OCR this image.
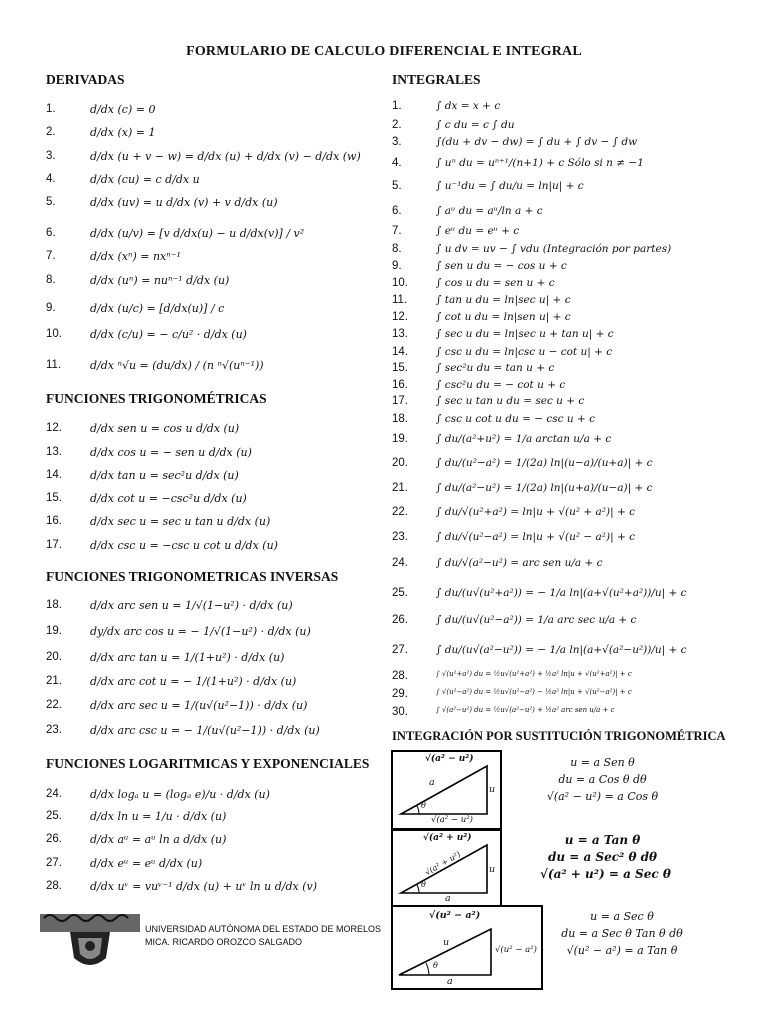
FORMULARIO DE CALCULO DIFERENCIAL E INTEGRAL
DERIVADAS
1.	d/dx (c) = 0
2.	d/dx (x) = 1
3.	d/dx (u + v − w) = d/dx (u) + d/dx (v) − d/dx (w)
4.	d/dx (cu) = c d/dx u
5.	d/dx (uv) = u d/dx (v) + v d/dx (u)
6.	d/dx (u/v) = [v d/dx(u) − u d/dx(v)] / v²
7.	d/dx (xⁿ) = nxⁿ⁻¹
8.	d/dx (uⁿ) = nuⁿ⁻¹ d/dx (u)
9.	d/dx (u/c) = [d/dx(u)] / c
10.	d/dx (c/u) = − c/u² · d/dx (u)
11.	d/dx ⁿ√u = (du/dx) / (n ⁿ√(uⁿ⁻¹))
FUNCIONES TRIGONOMÉTRICAS
12.	d/dx sen u = cos u d/dx (u)
13.	d/dx cos u = − sen u d/dx (u)
14.	d/dx tan u = sec²u d/dx (u)
15.	d/dx cot u = −csc²u d/dx (u)
16.	d/dx sec u = sec u tan u d/dx (u)
17.	d/dx csc u = −csc u cot u d/dx (u)
FUNCIONES TRIGONOMETRICAS INVERSAS
18.	d/dx arc sen u = 1/√(1−u²) · d/dx (u)
19.	dy/dx arc cos u = − 1/√(1−u²) · d/dx (u)
20.	d/dx arc tan u = 1/(1+u²) · d/dx (u)
21.	d/dx arc cot u = − 1/(1+u²) · d/dx (u)
22.	d/dx arc sec u = 1/(u√(u²−1)) · d/dx (u)
23.	d/dx arc csc u = − 1/(u√(u²−1)) · d/dx (u)
FUNCIONES LOGARITMICAS Y EXPONENCIALES
24.	d/dx logₐ u = (logₐ e)/u · d/dx (u)
25.	d/dx ln u = 1/u · d/dx (u)
26.	d/dx aᵘ = aᵘ ln a d/dx (u)
27.	d/dx eᵘ = eᵘ d/dx (u)
28.	d/dx uᵛ = vuᵛ⁻¹ d/dx (u) + uᵛ ln u d/dx (v)
INTEGRALES
1.	∫ dx = x + c
2.	∫ c du = c ∫ du
3.	∫(du + dv − dw) = ∫ du + ∫ dv − ∫ dw
4.	∫ uⁿ du = uⁿ⁺¹/(n+1) + c Sólo si n ≠ −1
5.	∫ u⁻¹du = ∫ du/u = ln|u| + c
6.	∫ aᵘ du = aᵘ/ln a + c
7.	∫ eᵘ du = eᵘ + c
8.	∫ u dv = uv − ∫ vdu (Integración por partes)
9.	∫ sen u du = − cos u + c
10.	∫ cos u du = sen u + c
11.	∫ tan u du = ln|sec u| + c
12.	∫ cot u du = ln|sen u| + c
13.	∫ sec u du = ln|sec u + tan u| + c
14.	∫ csc u du = ln|csc u − cot u| + c
15.	∫ sec²u du = tan u + c
16.	∫ csc²u du = − cot u + c
17.	∫ sec u tan u du = sec u + c
18.	∫ csc u cot u du = − csc u + c
19.	∫ du/(a²+u²) = 1/a arctan u/a + c
20.	∫ du/(u²−a²) = 1/(2a) ln|(u−a)/(u+a)| + c
21.	∫ du/(a²−u²) = 1/(2a) ln|(u+a)/(u−a)| + c
22.	∫ du/√(u²+a²) = ln|u + √(u² + a²)| + c
23.	∫ du/√(u²−a²) = ln|u + √(u² − a²)| + c
24.	∫ du/√(a²−u²) = arc sen u/a + c
25.	∫ du/(u√(u²+a²)) = − 1/a ln|(a+√(u²+a²))/u| + c
26.	∫ du/(u√(u²−a²)) = 1/a arc sec u/a + c
27.	∫ du/(u√(a²−u²)) = − 1/a ln|(a+√(a²−u²))/u| + c
28.	∫ √(u²+a²) du = ½u√(u²+a²) + ½a² ln|u + √(u²+a²)| + c
29.	∫ √(u²−a²) du = ½u√(u²−a²) − ½a² ln|u + √(u²−a²)| + c
30.	∫ √(a²−u²) du = ½u√(a²−u²) + ½a² arc sen u/a + c
INTEGRACIÓN POR SUSTITUCIÓN TRIGONOMÉTRICA
√(a² − u²)
u
a
√(a² − u²)
θ
u = a Sen θ
du = a Cos θ dθ
√(a² − u²) = a Cos θ
√(a² + u²)
u
√(a² + u²)
a
θ
u = a Tan θ
du = a Sec² θ dθ
√(a² + u²) = a Sec θ
√(u² − a²)
√(u² − a²)
u
a
θ
u = a Sec θ
du = a Sec θ Tan θ dθ
√(u² − a²) = a Tan θ
UNIVERSIDAD AUTÓNOMA DEL ESTADO DE MORELOS
MICA. RICARDO OROZCO SALGADO
